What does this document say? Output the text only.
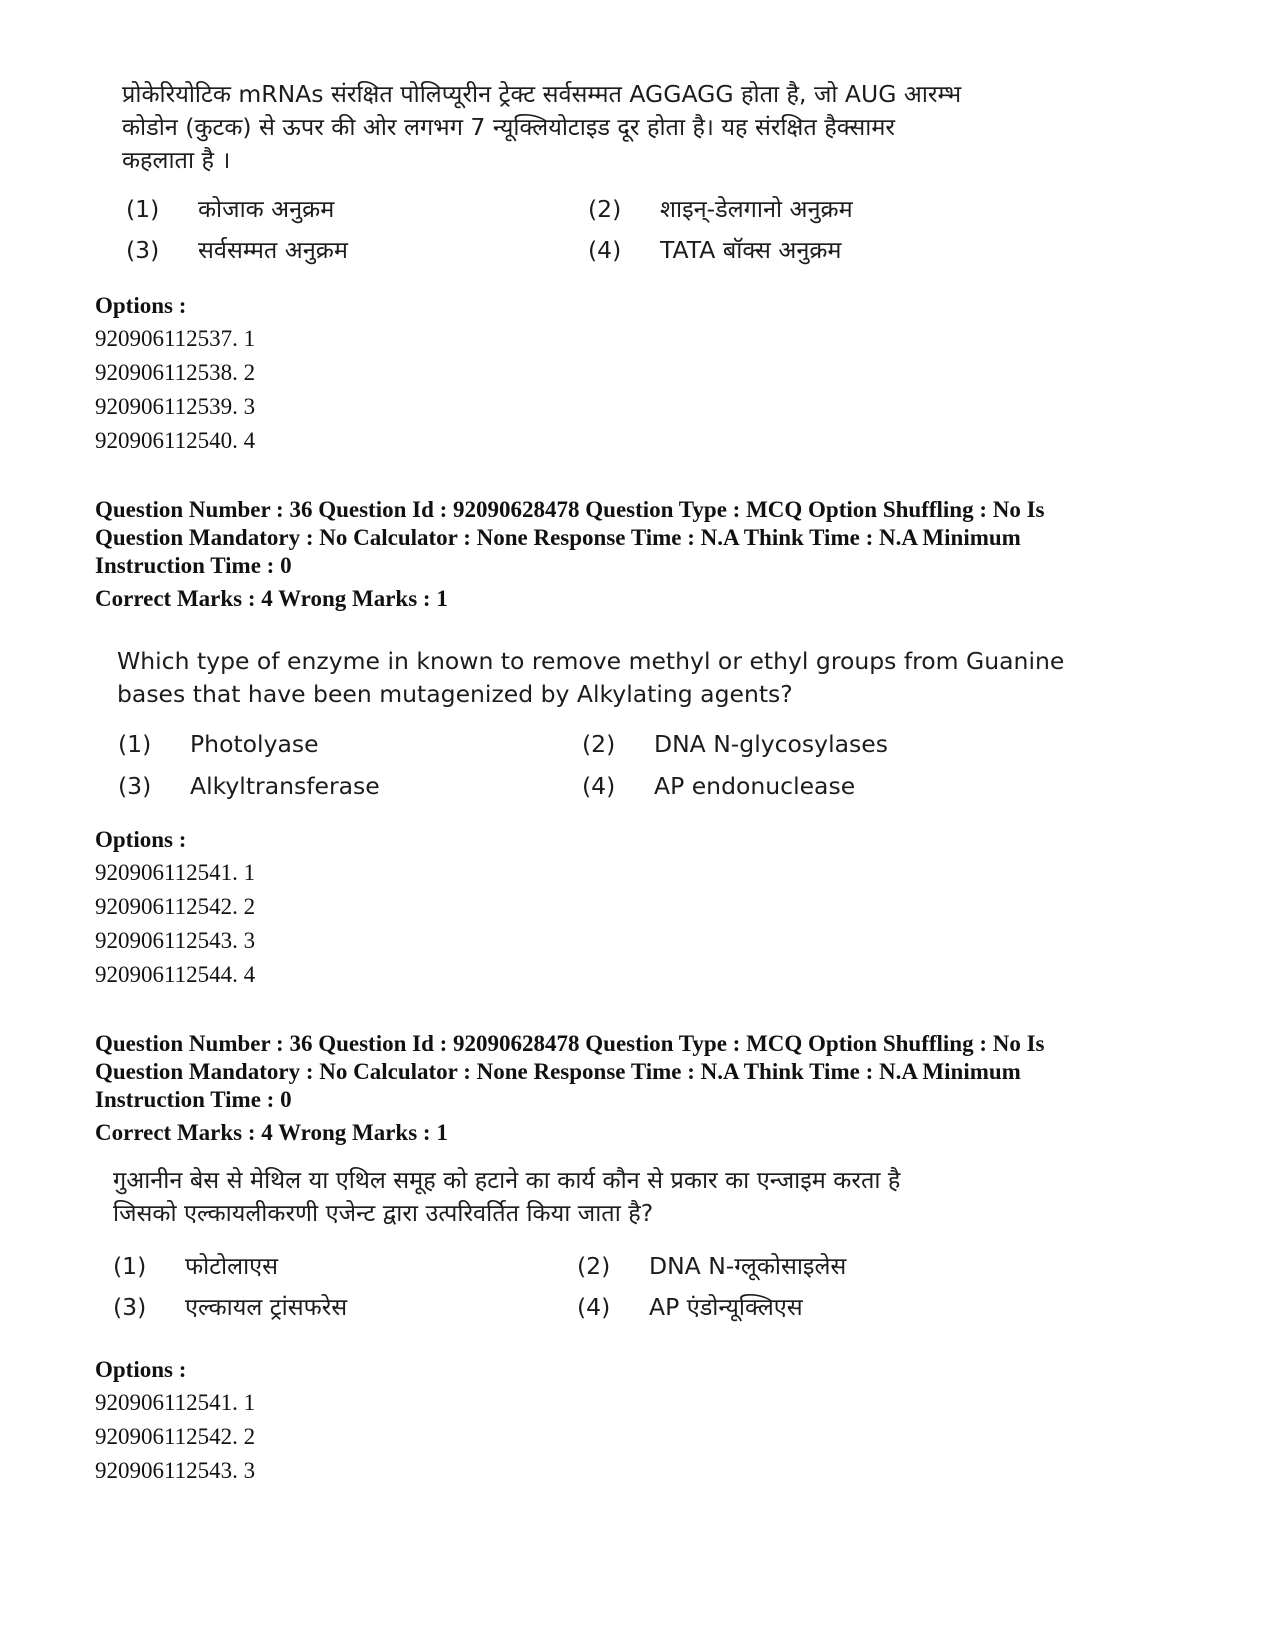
प्रोकेरियोटिक mRNAs संरक्षित पोलिप्यूरीन ट्रेक्ट सर्वसम्मत AGGAGG होता है, जो AUG आरम्भ
कोडोन (कुटक) से ऊपर की ओर लगभग 7 न्यूक्लियोटाइड दूर होता है। यह संरक्षित हैक्सामर
कहलाता है ।
(1)	कोजाक अनुक्रम	(2)	शाइन्-डेलगानो अनुक्रम
(3)	सर्वसम्मत अनुक्रम	(4)	TATA बॉक्स अनुक्रम
Options :
920906112537. 1
920906112538. 2
920906112539. 3
920906112540. 4
Question Number : 36 Question Id : 92090628478 Question Type : MCQ Option Shuffling : No Is
Question Mandatory : No Calculator : None Response Time : N.A Think Time : N.A Minimum
Instruction Time : 0
Correct Marks : 4 Wrong Marks : 1
Which type of enzyme in known to remove methyl or ethyl groups from Guanine
bases that have been mutagenized by Alkylating agents?
(1)	Photolyase	(2)	DNA N-glycosylases
(3)	Alkyltransferase	(4)	AP endonuclease
Options :
920906112541. 1
920906112542. 2
920906112543. 3
920906112544. 4
Question Number : 36 Question Id : 92090628478 Question Type : MCQ Option Shuffling : No Is
Question Mandatory : No Calculator : None Response Time : N.A Think Time : N.A Minimum
Instruction Time : 0
Correct Marks : 4 Wrong Marks : 1
गुआनीन बेस से मेथिल या एथिल समूह को हटाने का कार्य कौन से प्रकार का एन्जाइम करता है
जिसको एल्कायलीकरणी एजेन्ट द्वारा उत्परिवर्तित किया जाता है?
(1)	फोटोलाएस	(2)	DNA N-ग्लूकोसाइलेस
(3)	एल्कायल ट्रांसफरेस	(4)	AP एंडोन्यूक्लिएस
Options :
920906112541. 1
920906112542. 2
920906112543. 3
